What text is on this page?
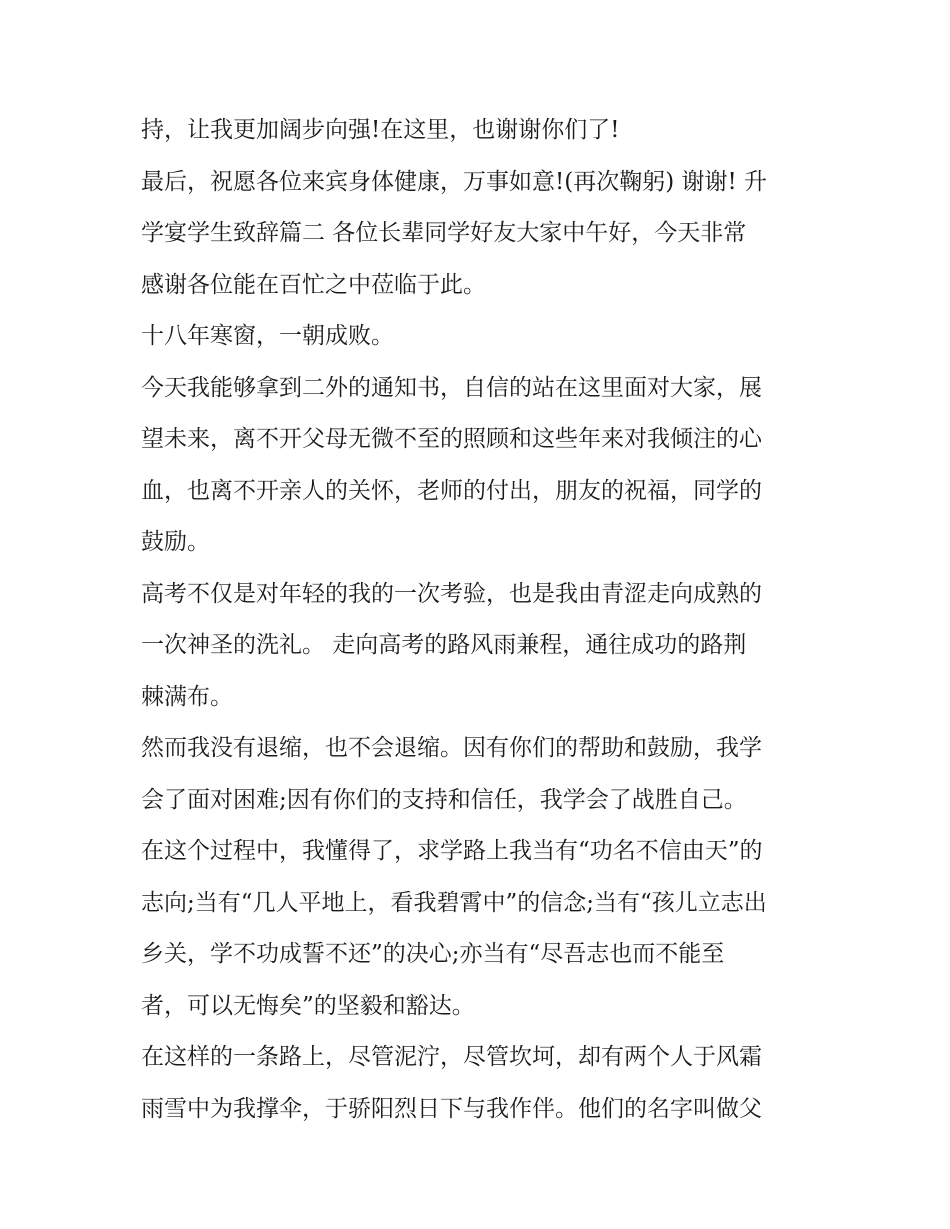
持，让我更加阔步向强!在这里，也谢谢你们了!
最后，祝愿各位来宾身体健康，万事如意!(再次鞠躬) 谢谢! 升
学宴学生致辞篇二 各位长辈同学好友大家中午好，今天非常
感谢各位能在百忙之中莅临于此。
十八年寒窗，一朝成败。
今天我能够拿到二外的通知书，自信的站在这里面对大家，展
望未来，离不开父母无微不至的照顾和这些年来对我倾注的心
血，也离不开亲人的关怀，老师的付出，朋友的祝福，同学的
鼓励。
高考不仅是对年轻的我的一次考验，也是我由青涩走向成熟的
一次神圣的洗礼。 走向高考的路风雨兼程，通往成功的路荆
棘满布。
然而我没有退缩，也不会退缩。因有你们的帮助和鼓励，我学
会了面对困难;因有你们的支持和信任，我学会了战胜自己。
在这个过程中，我懂得了，求学路上我当有“功名不信由天”的
志向;当有“几人平地上，看我碧霄中”的信念;当有“孩儿立志出
乡关，学不功成誓不还”的决心;亦当有“尽吾志也而不能至
者，可以无悔矣”的坚毅和豁达。
在这样的一条路上，尽管泥泞，尽管坎坷，却有两个人于风霜
雨雪中为我撑伞，于骄阳烈日下与我作伴。他们的名字叫做父
